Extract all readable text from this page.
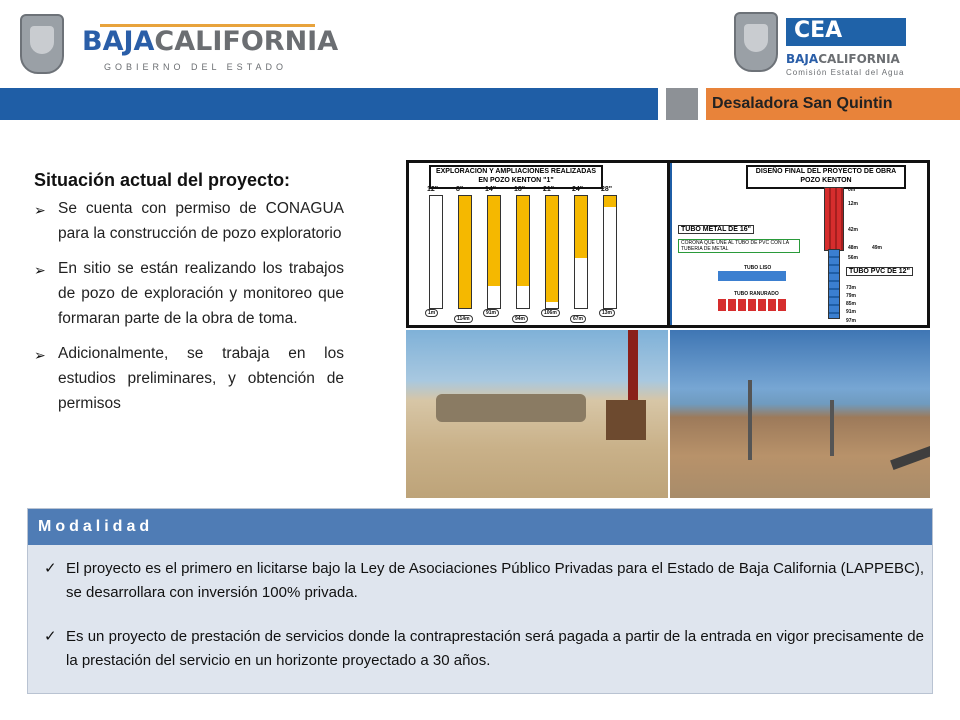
BAJACALIFORNIA
GOBIERNO DEL ESTADO
CEA
BAJACALIFORNIA
Comisión Estatal del Agua
Desaladora San Quintin
Situación actual del proyecto:
➢ Se cuenta con permiso de CONAGUA para la construcción de pozo exploratorio
➢ En sitio se están realizando los trabajos de pozo de exploración y monitoreo que formaran parte de la obra de toma.
➢ Adicionalmente, se trabaja en los estudios preliminares, y obtención de permisos
EXPLORACION Y AMPLIACIONES REALIZADAS EN POZO KENTON "1"
12"
1m
8"
114m
14"
91m
18"
94m
21"
106m
24"
67m
28"
13m
DISEÑO FINAL DEL PROYECTO DE OBRA POZO KENTON
TUBO METAL DE 16"
CORONA QUE UNE AL TUBO DE PVC CON LA TUBERIA DE METAL
TUBO LISO
TUBO RANURADO
TUBO PVC DE 12"
0m
12m
42m
48m	49m
56m
73m
79m
85m
91m
97m
Modalidad
✓ El proyecto es el primero en licitarse bajo la Ley de Asociaciones Público Privadas para el Estado de Baja California (LAPPEBC), se desarrollara con inversión 100% privada.
✓ Es un proyecto de prestación de servicios donde la contraprestación será pagada a partir de la entrada en vigor precisamente de la prestación del servicio en un horizonte proyectado a 30 años.
